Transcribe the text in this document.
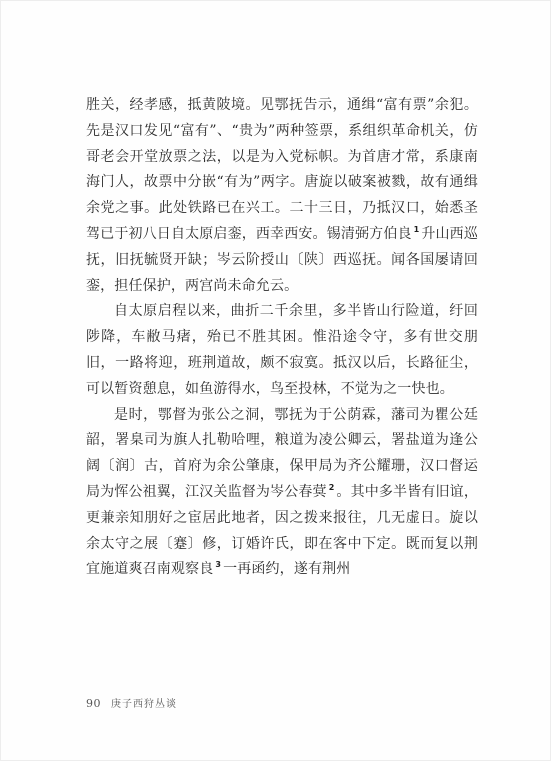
胜关，经孝感，抵黄陂境。见鄂抚告示，通缉“富有票”余犯。先是汉口发见“富有”、“贵为”两种签票，系组织革命机关，仿哥老会开堂放票之法，以是为入党标帜。为首唐才常，系康南海门人，故票中分嵌“有为”两字。唐旋以破案被戮，故有通缉余党之事。此处铁路已在兴工。二十三日，乃抵汉口，始悉圣驾已于初八日自太原启銮，西幸西安。锡清弼方伯良 $^1$ 升山西巡抚，旧抚毓贤开缺；岑云阶授山〔陕〕西巡抚。闻各国屡请回銮，担任保护，两宫尚未命允云。

自太原启程以来，曲折二千余里，多半皆山行险道，纡回陟降，车敝马瘏，殆已不胜其困。惟沿途令守，多有世交朋旧，一路将迎，班荆道故，颇不寂寞。抵汉以后，长路征尘，可以暂资憩息，如鱼游得水，鸟至投林，不觉为之一快也。

是时，鄂督为张公之洞，鄂抚为于公荫霖，藩司为瞿公廷韶，署臬司为旗人扎勒哈哩，粮道为凌公卿云，署盐道为逢公阔〔润〕古，首府为余公肇康，保甲局为齐公耀珊，汉口督运局为恽公祖翼，江汉关监督为岑公春蓂 $^2$ 。其中多半皆有旧谊，更兼亲知朋好之宦居此地者，因之拨来报往，几无虚日。旋以余太守之展〔蹇〕修，订婚许氏，即在客中下定。既而复以荆宜施道爽召南观察良 $^3$ 一再函约，遂有荆州

90 庚子西狩丛谈
